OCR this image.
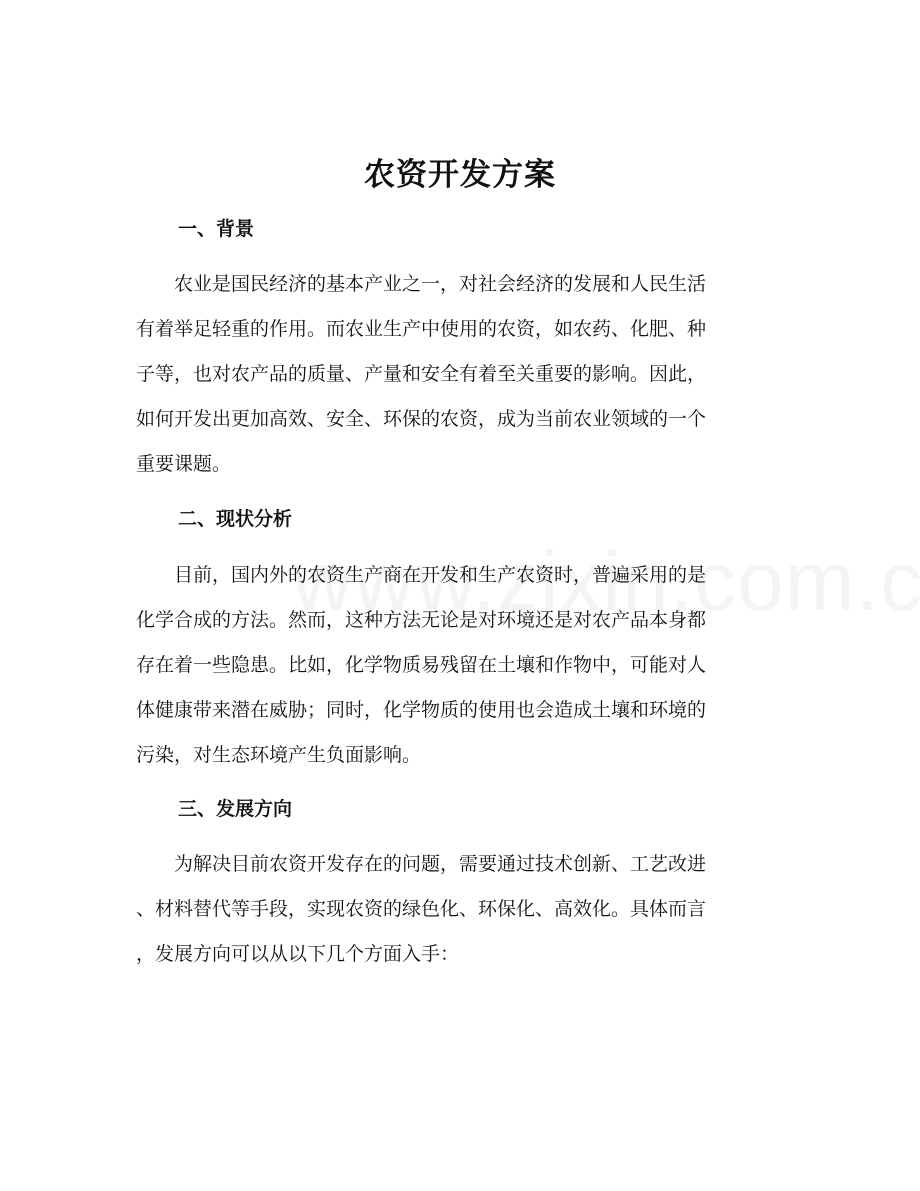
农资开发方案
一、背景
　　农业是国民经济的基本产业之一，对社会经济的发展和人民生活
有着举足轻重的作用。而农业生产中使用的农资，如农药、化肥、种
子等，也对农产品的质量、产量和安全有着至关重要的影响。因此，
如何开发出更加高效、安全、环保的农资，成为当前农业领域的一个
重要课题。
二、现状分析
　　目前，国内外的农资生产商在开发和生产农资时，普遍采用的是
化学合成的方法。然而，这种方法无论是对环境还是对农产品本身都
存在着一些隐患。比如，化学物质易残留在土壤和作物中，可能对人
体健康带来潜在威胁；同时，化学物质的使用也会造成土壤和环境的
污染，对生态环境产生负面影响。
三、发展方向
　　为解决目前农资开发存在的问题，需要通过技术创新、工艺改进
、材料替代等手段，实现农资的绿色化、环保化、高效化。具体而言
，发展方向可以从以下几个方面入手：
